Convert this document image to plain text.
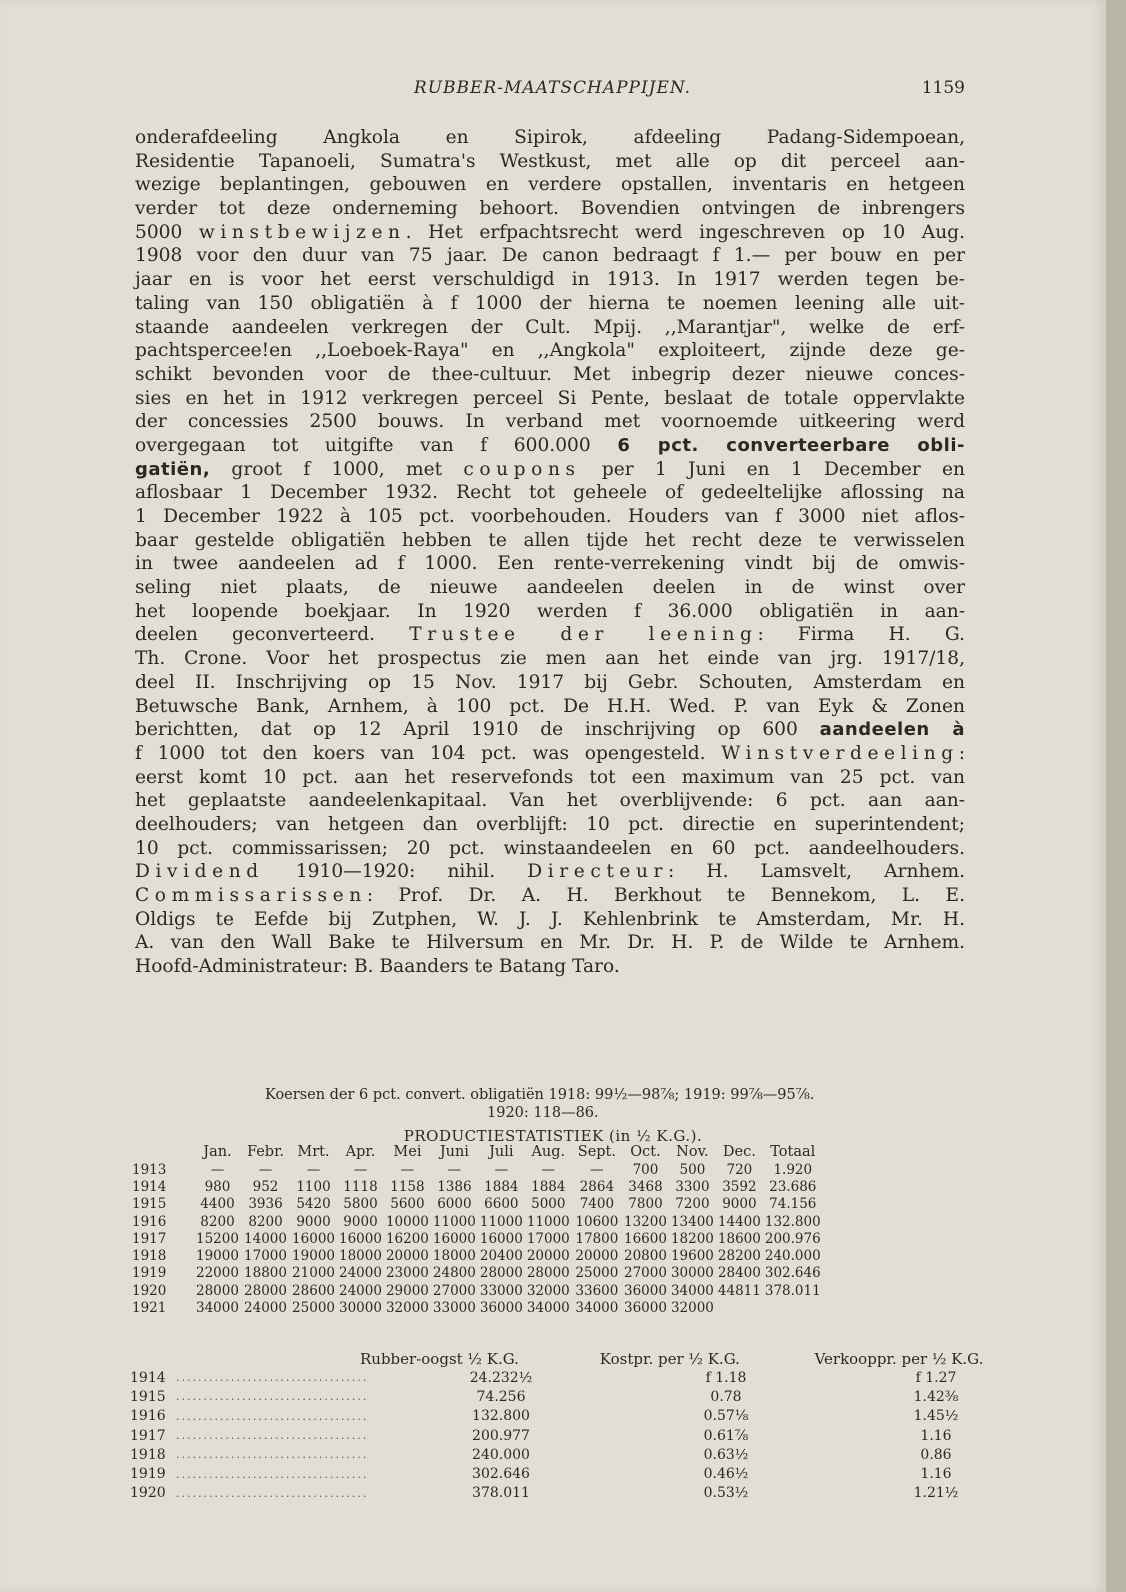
RUBBER-MAATSCHAPPIJEN.	1159
onderafdeeling Angkola en Sipirok, afdeeling Padang-Sidempoean,
Residentie Tapanoeli, Sumatra's Westkust, met alle op dit perceel aan-
wezige beplantingen, gebouwen en verdere opstallen, inventaris en hetgeen
verder tot deze onderneming behoort. Bovendien ontvingen de inbrengers
5000 winstbewijzen. Het erfpachtsrecht werd ingeschreven op 10 Aug.
1908 voor den duur van 75 jaar. De canon bedraagt f 1.— per bouw en per
jaar en is voor het eerst verschuldigd in 1913. In 1917 werden tegen be-
taling van 150 obligatiën à f 1000 der hierna te noemen leening alle uit-
staande aandeelen verkregen der Cult. Mpij. ,,Marantjar", welke de erf-
pachtspercee!en ,,Loeboek-Raya" en ,,Angkola" exploiteert, zijnde deze ge-
schikt bevonden voor de thee-cultuur. Met inbegrip dezer nieuwe conces-
sies en het in 1912 verkregen perceel Si Pente, beslaat de totale oppervlakte
der concessies 2500 bouws. In verband met voornoemde uitkeering werd
overgegaan tot uitgifte van f 600.000 6 pct. converteerbare obli-
gatiën, groot f 1000, met coupons per 1 Juni en 1 December en
aflosbaar 1 December 1932. Recht tot geheele of gedeeltelijke aflossing na
1 December 1922 à 105 pct. voorbehouden. Houders van f 3000 niet aflos-
baar gestelde obligatiën hebben te allen tijde het recht deze te verwisselen
in twee aandeelen ad f 1000. Een rente-verrekening vindt bij de omwis-
seling niet plaats, de nieuwe aandeelen deelen in de winst over
het loopende boekjaar. In 1920 werden f 36.000 obligatiën in aan-
deelen geconverteerd. Trustee der leening: Firma H. G.
Th. Crone. Voor het prospectus zie men aan het einde van jrg. 1917/18,
deel II. Inschrijving op 15 Nov. 1917 bij Gebr. Schouten, Amsterdam en
Betuwsche Bank, Arnhem, à 100 pct. De H.H. Wed. P. van Eyk & Zonen
berichtten, dat op 12 April 1910 de inschrijving op 600 aandeelen à
f 1000 tot den koers van 104 pct. was opengesteld. Winstverdeeling:
eerst komt 10 pct. aan het reservefonds tot een maximum van 25 pct. van
het geplaatste aandeelenkapitaal. Van het overblijvende: 6 pct. aan aan-
deelhouders; van hetgeen dan overblijft: 10 pct. directie en superintendent;
10 pct. commissarissen; 20 pct. winstaandeelen en 60 pct. aandeelhouders.
Dividend 1910—1920: nihil. Directeur: H. Lamsvelt, Arnhem.
Commissarissen: Prof. Dr. A. H. Berkhout te Bennekom, L. E.
Oldigs te Eefde bij Zutphen, W. J. J. Kehlenbrink te Amsterdam, Mr. H.
A. van den Wall Bake te Hilversum en Mr. Dr. H. P. de Wilde te Arnhem.
Hoofd-Administrateur: B. Baanders te Batang Taro.
Koersen der 6 pct. convert. obligatiën 1918: 99½—98⅞; 1919: 99⅞—95⅞.
1920: 118—86.
PRODUCTIESTATISTIEK (in ½ K.G.).
	Jan.	Febr.	Mrt.	Apr.	Mei	Juni	Juli	Aug.	Sept.	Oct.	Nov.	Dec.	Totaal
1913	—	—	—	—	—	—	—	—	—	700	500	720	1.920
1914	980	952	1100	1118	1158	1386	1884	1884	2864	3468	3300	3592	23.686
1915	4400	3936	5420	5800	5600	6000	6600	5000	7400	7800	7200	9000	74.156
1916	8200	8200	9000	9000	10000	11000	11000	11000	10600	13200	13400	14400	132.800
1917	15200	14000	16000	16000	16200	16000	16000	17000	17800	16600	18200	18600	200.976
1918	19000	17000	19000	18000	20000	18000	20400	20000	20000	20800	19600	28200	240.000
1919	22000	18800	21000	24000	23000	24800	28000	28000	25000	27000	30000	28400	302.646
1920	28000	28000	28600	24000	29000	27000	33000	32000	33600	36000	34000	44811	378.011
1921	34000	24000	25000	30000	32000	33000	36000	34000	34000	36000	32000		
Rubber-oogst ½ K.G.	Kostpr. per ½ K.G.	Verkooppr. per ½ K.G.
1914	...................................	24.232½	f 1.18	f 1.27
1915	...................................	74.256	0.78	1.42⅜
1916	...................................	132.800	0.57⅛	1.45½
1917	...................................	200.977	0.61⅞	1.16
1918	...................................	240.000	0.63½	0.86
1919	...................................	302.646	0.46½	1.16
1920	...................................	378.011	0.53½	1.21½
